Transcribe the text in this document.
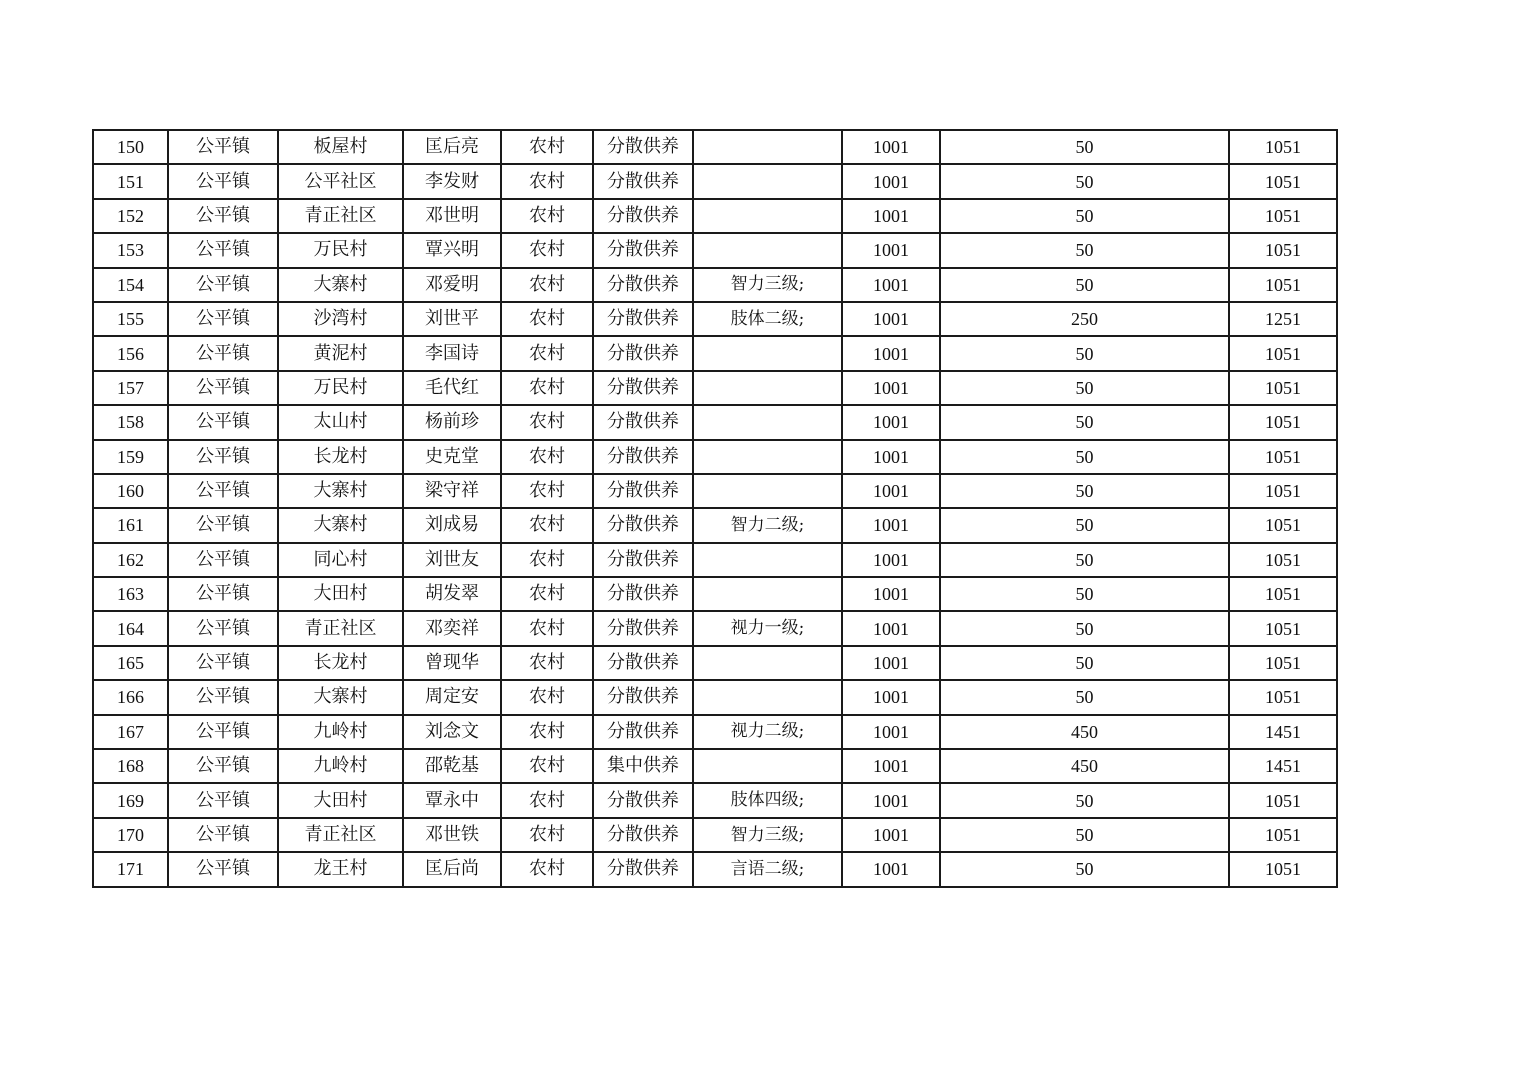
150	公平镇	板屋村	匡后亮	农村	分散供养		1001	50	1051
151	公平镇	公平社区	李发财	农村	分散供养		1001	50	1051
152	公平镇	青正社区	邓世明	农村	分散供养		1001	50	1051
153	公平镇	万民村	覃兴明	农村	分散供养		1001	50	1051
154	公平镇	大寨村	邓爱明	农村	分散供养	智力三级;	1001	50	1051
155	公平镇	沙湾村	刘世平	农村	分散供养	肢体二级;	1001	250	1251
156	公平镇	黄泥村	李国诗	农村	分散供养		1001	50	1051
157	公平镇	万民村	毛代红	农村	分散供养		1001	50	1051
158	公平镇	太山村	杨前珍	农村	分散供养		1001	50	1051
159	公平镇	长龙村	史克堂	农村	分散供养		1001	50	1051
160	公平镇	大寨村	梁守祥	农村	分散供养		1001	50	1051
161	公平镇	大寨村	刘成易	农村	分散供养	智力二级;	1001	50	1051
162	公平镇	同心村	刘世友	农村	分散供养		1001	50	1051
163	公平镇	大田村	胡发翠	农村	分散供养		1001	50	1051
164	公平镇	青正社区	邓奕祥	农村	分散供养	视力一级;	1001	50	1051
165	公平镇	长龙村	曾现华	农村	分散供养		1001	50	1051
166	公平镇	大寨村	周定安	农村	分散供养		1001	50	1051
167	公平镇	九岭村	刘念文	农村	分散供养	视力二级;	1001	450	1451
168	公平镇	九岭村	邵乾基	农村	集中供养		1001	450	1451
169	公平镇	大田村	覃永中	农村	分散供养	肢体四级;	1001	50	1051
170	公平镇	青正社区	邓世铁	农村	分散供养	智力三级;	1001	50	1051
171	公平镇	龙王村	匡后尚	农村	分散供养	言语二级;	1001	50	1051
